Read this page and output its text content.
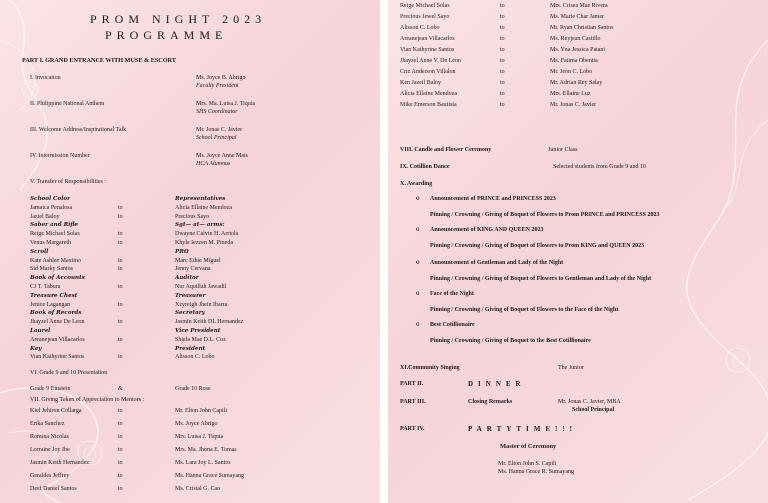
PROM NIGHT 2023
PROGRAMME
PART I. GRAND ENTRANCE WITH MUSE & ESCORT
I. Invocation	Ms. Joyce B. Abrigo
Faculty President
II. Philippine National Anthem	Mrs. Ma. Luisa J. Tiquia
SHS Coordinator
III. Welcome Address/Inspirational Talk	Mr. Jonas C. Javier
School Principal
IV. Intermission Number	Ms. Joyce Anne Mais
HCA Alumnus
V. Transfer of Responsibilities :
School Color	Representatives
Jamaica Penalosa	to	Alicia Ellaine Mendoza
Jaziel Baloy	to	Precious Sayo
Saber and Rifle	Sgt— at— arms:
Reige Michael Solas	to	Dwayne Calvin H. Arriola
Venus Margareth	to	Khyle Iezzen M. Pineda
Scroll	PRO
Kate Ashlee Maximo	to	Marc Ethie Miguel
Sid Marky Santos	to	Jenny Cervana
Book of Accounts	Auditor
CJ T. Tabura	to	Nur Aquillah Jawadil
Treasure Chest	Treasurer
Jenice Lagangan	to	Xzyreigh Jhein Ibarra
Book of Records	Secretary
Jhayzel Anne De Leon	to	Jasmin Keith DL Hernandez
Laurel	Vice President
Areanejean Villacarlos	to	Shiela Mae D.L. Coz
Key	President
Vian Kathyrine Santos	to	Alisson C. Lobo
VI. Grade 9 and 10 Presentation
Grade 9 Einstein	&	Grade 10 Rose
VII. Giving Token of Appreciation to Mentors :
Kiel Jehiron Collarga	to	Mr. Elton John Capili
Erika Sanchez	to	Ms. Joyce Abrigo
Romina Nicolas	to	Mrs. Luisa J. Tiquia
Lorraine Joy Ibe	to	Mrs. Ma. Jhona E. Tomas
Jasmin Keith Hernandez	to	Ms. Lara Joy L. Santos
Geraldes Jeffrey	to	Ms. Hanna Grace Sumayang
Deef Daniel Santos	to	Ms. Cristal G. Cao
Reige Michael Solas	to	Mrs. Crisea Mae Rivera
Precious Jewel Sayo	to	Ms. Marie Char Jamer
Alisson C. Lobo	to	Mr. Ryan Christian Santos
Areanejean Villacarlos	to	Ms. Reyjean Castillo
Vian Kathyrine Santos	to	Ms. Yna Jessica Patani
Jhayzel Anne V. De Leon	to	Ms. Fatima Obenita
Criz Anderson Villalon	to	Mr. Jeon C. Lobo
Ken Jazeil Baloy	to	Mr. Adrian Rey Salay
Alicia Ellaine Mendoza	to	Mrs. Ellaine Luz
Mike Emerson Bautista	to	Mr. Jonas C. Javier
VIII. Candle and Flower Ceremony	Junior Class
IX. Cotillion Dance	Selected students from Grade 9 and 10
X. Awarding
o Announcement of PRINCE and PRINCESS 2023
Pinning / Crowning / Giving of Boquet of Flowers to Prom PRINCE and PRINCESS 2023
o Announcement of KING AND QUEEN 2023
Pinning / Crowning / Giving of Boquet of Flowers to Prom KING and QUEEN 2023
o Announcement of Gentleman and Lady of the Night
Pinning / Crowning / Giving of Boquet of Flowers to Gentleman and Lady of the Night
o Face of the Night
Pinning / Crowning / Giving of Boquet of Flowers to the Face of the Night
o Best Cotillionaire
Pinning / Crowning / Giving of Boquet to the Best Cotillionaire
XI.Community Singing	The Junior
PART II.	DINNER
PART III.	Closing Remarks	Mr. Jonas C. Javier, MBA
School Principal
PART IV.	PARTYTIME!!!
Master of Ceremony
Mr. Elton John S. Capili
Ms. Hanna Grace R. Sumayang
